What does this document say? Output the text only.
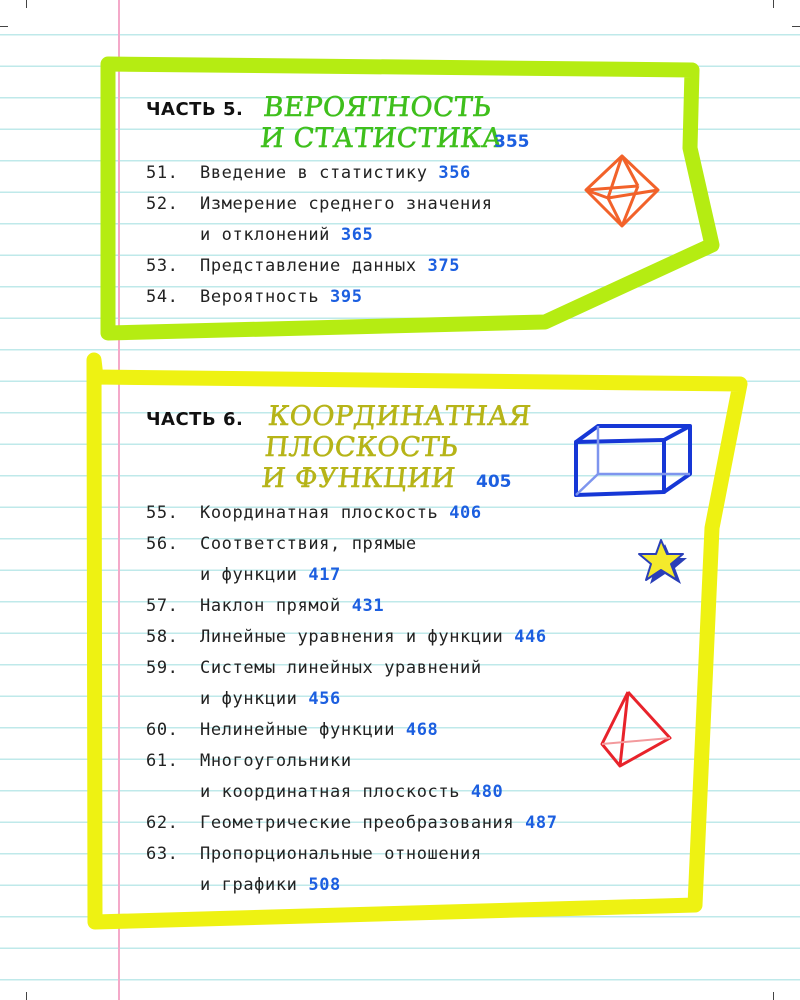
ЧАСТЬ 5. ВЕРОЯТНОСТЬ
И СТАТИСТИКА
355
51. Введение в статистику 356
52. Измерение среднего значения
и отклонений 365
53. Представление данных 375
54. Вероятность 395
ЧАСТЬ 6. КООРДИНАТНАЯ
ПЛОСКОСТЬ
И ФУНКЦИИ	405
55. Координатная плоскость 406
56. Соответствия, прямые
и функции 417
57. Наклон прямой 431
58. Линейные уравнения и функции 446
59. Системы линейных уравнений
и функции 456
60. Нелинейные функции 468
61. Многоугольники
и координатная плоскость 480
62. Геометрические преобразования 487
63. Пропорциональные отношения
и графики 508
